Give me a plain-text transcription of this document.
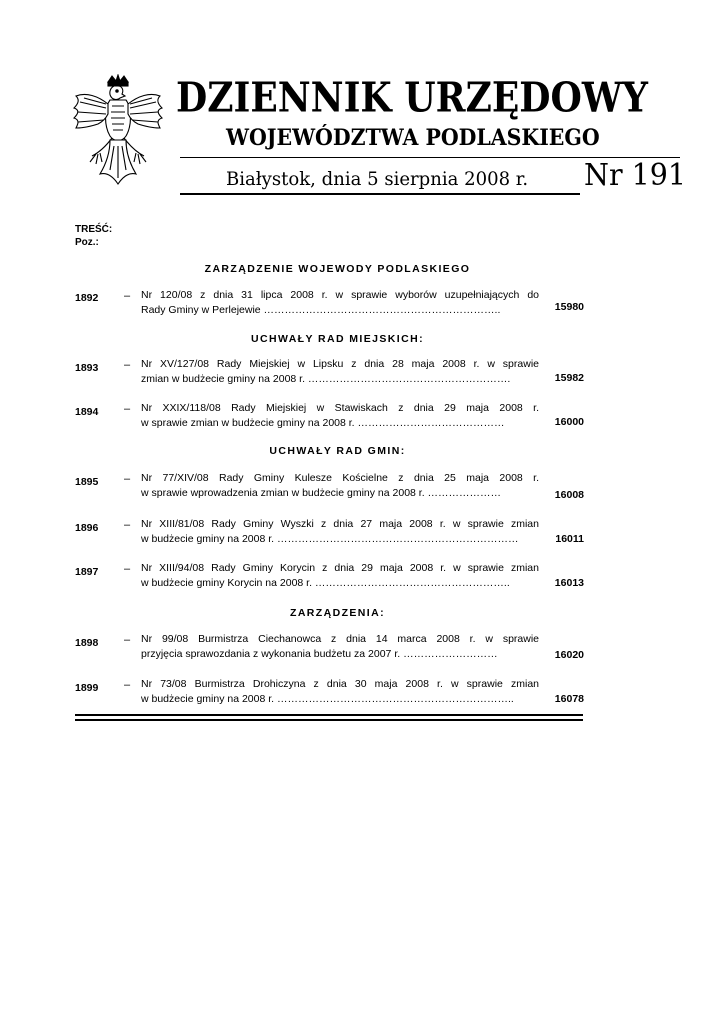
DZIENNIK URZĘDOWY
WOJEWÓDZTWA PODLASKIEGO
Białystok, dnia 5 sierpnia 2008 r. Nr 191
TREŚĆ:
Poz.:
ZARZĄDZENIE WOJEWODY PODLASKIEGO
1892	–	Nr 120/08 z dnia 31 lipca 2008 r. w sprawie wyborów uzupełniających do
Rady Gminy w Perlejewie …………………………………………………………..	15980
UCHWAŁY RAD MIEJSKICH:
1893	–	Nr XV/127/08 Rady Miejskiej w Lipsku z dnia 28 maja 2008 r. w sprawie
zmian w budżecie gminy na 2008 r. ………………………………………………….	15982
1894	–	Nr XXIX/118/08 Rady Miejskiej w Stawiskach z dnia 29 maja 2008 r.
w sprawie zmian w budżecie gminy na 2008 r. ……………………………………	16000
UCHWAŁY RAD GMIN:
1895	–	Nr 77/XIV/08 Rady Gminy Kulesze Kościelne z dnia 25 maja 2008 r.
w sprawie wprowadzenia zmian w budżecie gminy na 2008 r. …………………	16008
1896	–	Nr XIII/81/08 Rady Gminy Wyszki z dnia 27 maja 2008 r. w sprawie zmian
w budżecie gminy na 2008 r. ……………………………………………………………	16011
1897	–	Nr XIII/94/08 Rady Gminy Korycin z dnia 29 maja 2008 r. w sprawie zmian
w budżecie gminy Korycin na 2008 r. ………………………………………………..	16013
ZARZĄDZENIA:
1898	–	Nr 99/08 Burmistrza Ciechanowca z dnia 14 marca 2008 r. w sprawie
przyjęcia sprawozdania z wykonania budżetu za 2007 r. ………………………	16020
1899	–	Nr 73/08 Burmistrza Drohiczyna z dnia 30 maja 2008 r. w sprawie zmian
w budżecie gminy na 2008 r. …………………………………………………………..	16078
